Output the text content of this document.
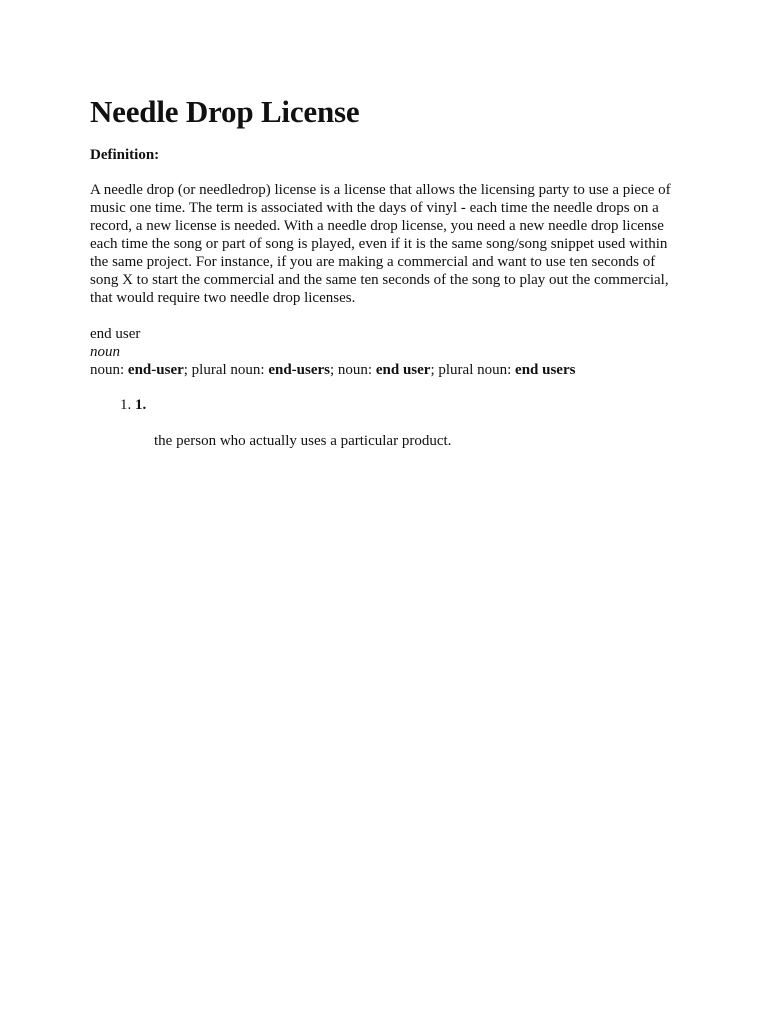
Needle Drop License

Definition:

A needle drop (or needledrop) license is a license that allows the licensing party to use a piece of music one time. The term is associated with the days of vinyl - each time the needle drops on a record, a new license is needed. With a needle drop license, you need a new needle drop license each time the song or part of song is played, even if it is the same song/song snippet used within the same project. For instance, if you are making a commercial and want to use ten seconds of song X to start the commercial and the same ten seconds of the song to play out the commercial, that would require two needle drop licenses.

end user
noun
noun: end-user; plural noun: end-users; noun: end user; plural noun: end users
1. 1.
the person who actually uses a particular product.
